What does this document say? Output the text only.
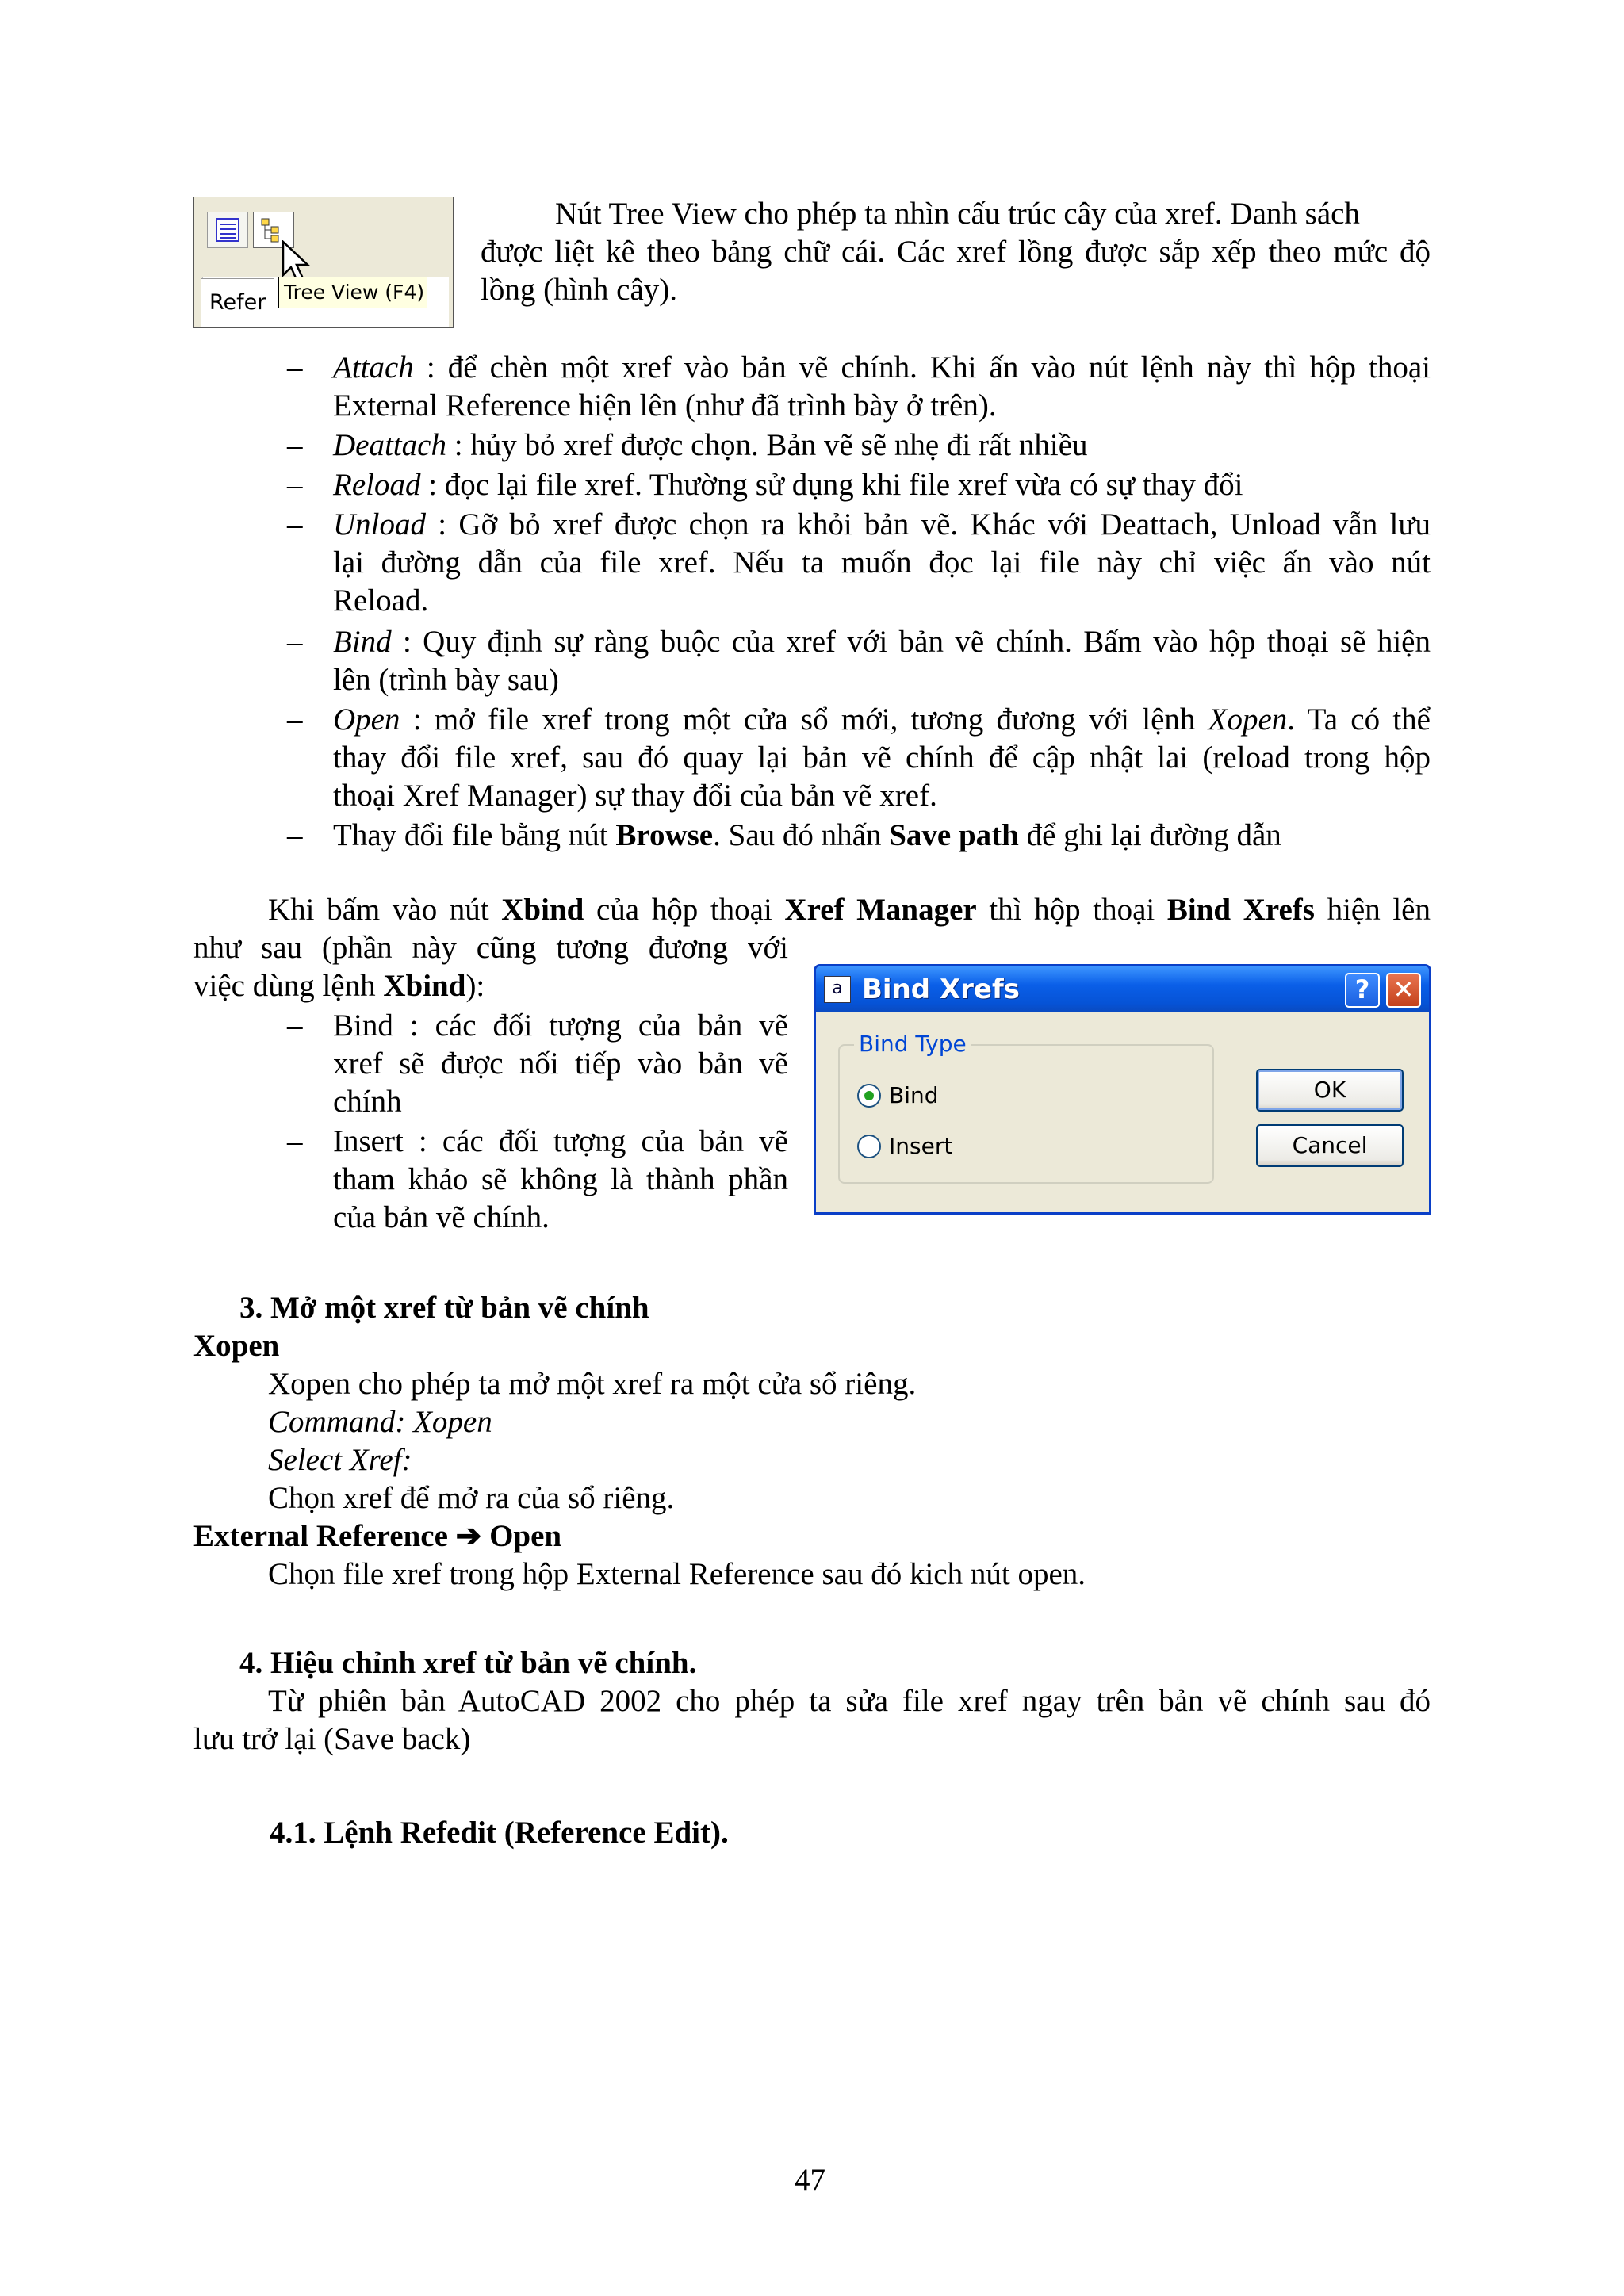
Refer Tree View (F4)
Nút Tree View cho phép ta nhìn cấu trúc cây của xref. Danh sách
được liệt kê theo bảng chữ cái. Các xref lồng được sắp xếp theo mức độ
lồng (hình cây).
– Attach : để chèn một xref vào bản vẽ chính. Khi ấn vào nút lệnh này thì hộp thoại
External Reference hiện lên (như đã trình bày ở trên).
– Deattach : hủy bỏ xref được chọn. Bản vẽ sẽ nhẹ đi rất nhiều
– Reload : đọc lại file xref. Thường sử dụng khi file xref vừa có sự thay đổi
– Unload : Gỡ bỏ xref được chọn ra khỏi bản vẽ. Khác với Deattach, Unload vẫn lưu
lại đường dẫn của file xref. Nếu ta muốn đọc lại file này chỉ việc ấn vào nút
Reload.
– Bind : Quy định sự ràng buộc của xref với bản vẽ chính. Bấm vào hộp thoại sẽ hiện
lên (trình bày sau)
– Open : mở file xref trong một cửa sổ mới, tương đương với lệnh Xopen. Ta có thể
thay đổi file xref, sau đó quay lại bản vẽ chính để cập nhật lai (reload trong hộp
thoại Xref Manager) sự thay đổi của bản vẽ xref.
– Thay đổi file bằng nút Browse. Sau đó nhấn Save path để ghi lại đường dẫn
Khi bấm vào nút Xbind của hộp thoại Xref Manager thì hộp thoại Bind Xrefs hiện lên
như sau (phần này cũng tương đương với
việc dùng lệnh Xbind):
– Bind : các đối tượng của bản vẽ
xref sẽ được nối tiếp vào bản vẽ
chính
– Insert : các đối tượng của bản vẽ
tham khảo sẽ không là thành phần
của bản vẽ chính.
a Bind Xrefs	? ✕
Bind Type
Bind
Insert
OK
Cancel
3. Mở một xref từ bản vẽ chính
Xopen
Xopen cho phép ta mở một xref ra một cửa sổ riêng.
Command: Xopen
Select Xref:
Chọn xref để mở ra của sổ riêng.
External Reference ➔ Open
Chọn file xref trong hộp External Reference sau đó kich nút open.
4. Hiệu chỉnh xref từ bản vẽ chính.
Từ phiên bản AutoCAD 2002 cho phép ta sửa file xref ngay trên bản vẽ chính sau đó
lưu trở lại (Save back)
4.1. Lệnh Refedit (Reference Edit).
47
